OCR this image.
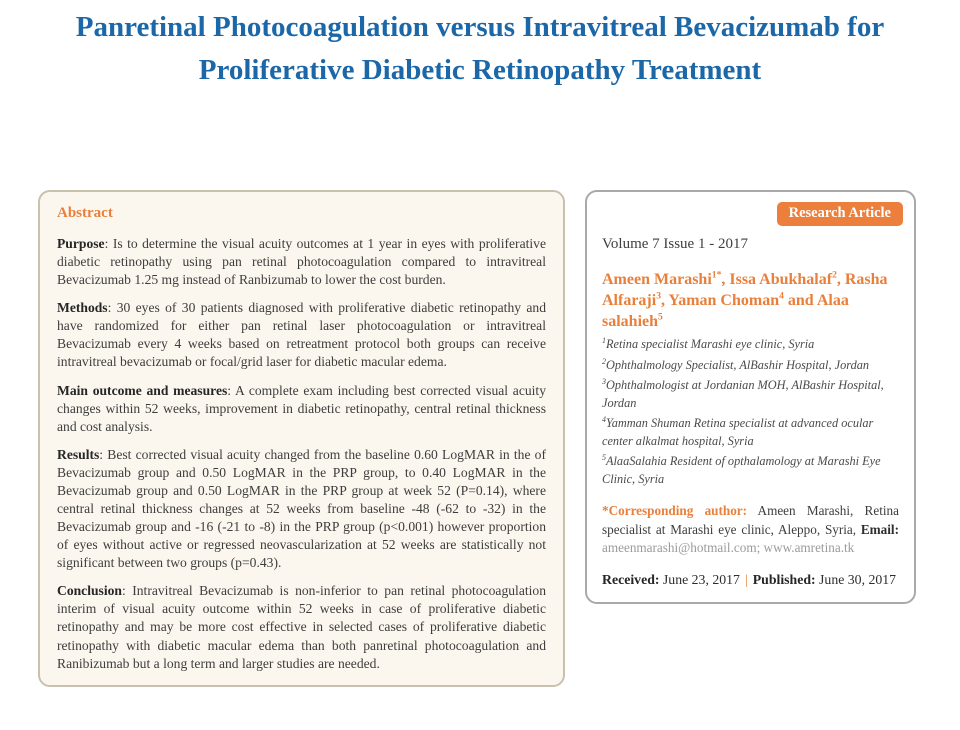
Panretinal Photocoagulation versus Intravitreal Bevacizumab for Proliferative Diabetic Retinopathy Treatment
Abstract

Purpose: Is to determine the visual acuity outcomes at 1 year in eyes with proliferative diabetic retinopathy using pan retinal photocoagulation compared to intravitreal Bevacizumab 1.25 mg instead of Ranbizumab to lower the cost burden.

Methods: 30 eyes of 30 patients diagnosed with proliferative diabetic retinopathy and have randomized for either pan retinal laser photocoagulation or intravitreal Bevacizumab every 4 weeks based on retreatment protocol both groups can receive intravitreal bevacizumab or focal/grid laser for diabetic macular edema.

Main outcome and measures: A complete exam including best corrected visual acuity changes within 52 weeks, improvement in diabetic retinopathy, central retinal thickness and cost analysis.

Results: Best corrected visual acuity changed from the baseline 0.60 LogMAR in the of Bevacizumab group and 0.50 LogMAR in the PRP group, to 0.40 LogMAR in the Bevacizumab group and 0.50 LogMAR in the PRP group at week 52 (P=0.14), where central retinal thickness changes at 52 weeks from baseline -48 (-62 to -32) in the Bevacizumab group and -16 (-21 to -8) in the PRP group (p<0.001) however proportion of eyes without active or regressed neovascularization at 52 weeks are statistically not significant between two groups (p=0.43).

Conclusion: Intravitreal Bevacizumab is non-inferior to pan retinal photocoagulation interim of visual acuity outcome within 52 weeks in case of proliferative diabetic retinopathy and may be more cost effective in selected cases of proliferative diabetic retinopathy with diabetic macular edema than both panretinal photocoagulation and Ranibizumab but a long term and larger studies are needed.

Research Article
Volume 7 Issue 1 - 2017
Ameen Marashi$^{1*}$, Issa Abukhalaf$^2$, Rasha Alfaraji$^3$, Yaman Choman$^4$ and Alaa salahieh$^5$
$^1$Retina specialist Marashi eye clinic, Syria
$^2$Ophthalmology Specialist, AlBashir Hospital, Jordan
$^3$Ophthalmologist at Jordanian MOH, AlBashir Hospital, Jordan
$^4$Yamman Shuman Retina specialist at advanced ocular center alkalmat hospital, Syria
$^5$AlaaSalahia Resident of opthalamology at Marashi Eye Clinic, Syria

*Corresponding author: Ameen Marashi, Retina specialist at Marashi eye clinic, Aleppo, Syria, Email: ameenmarashi@hotmail.com; www.amretina.tk

Received: June 23, 2017 | Published: June 30, 2017
